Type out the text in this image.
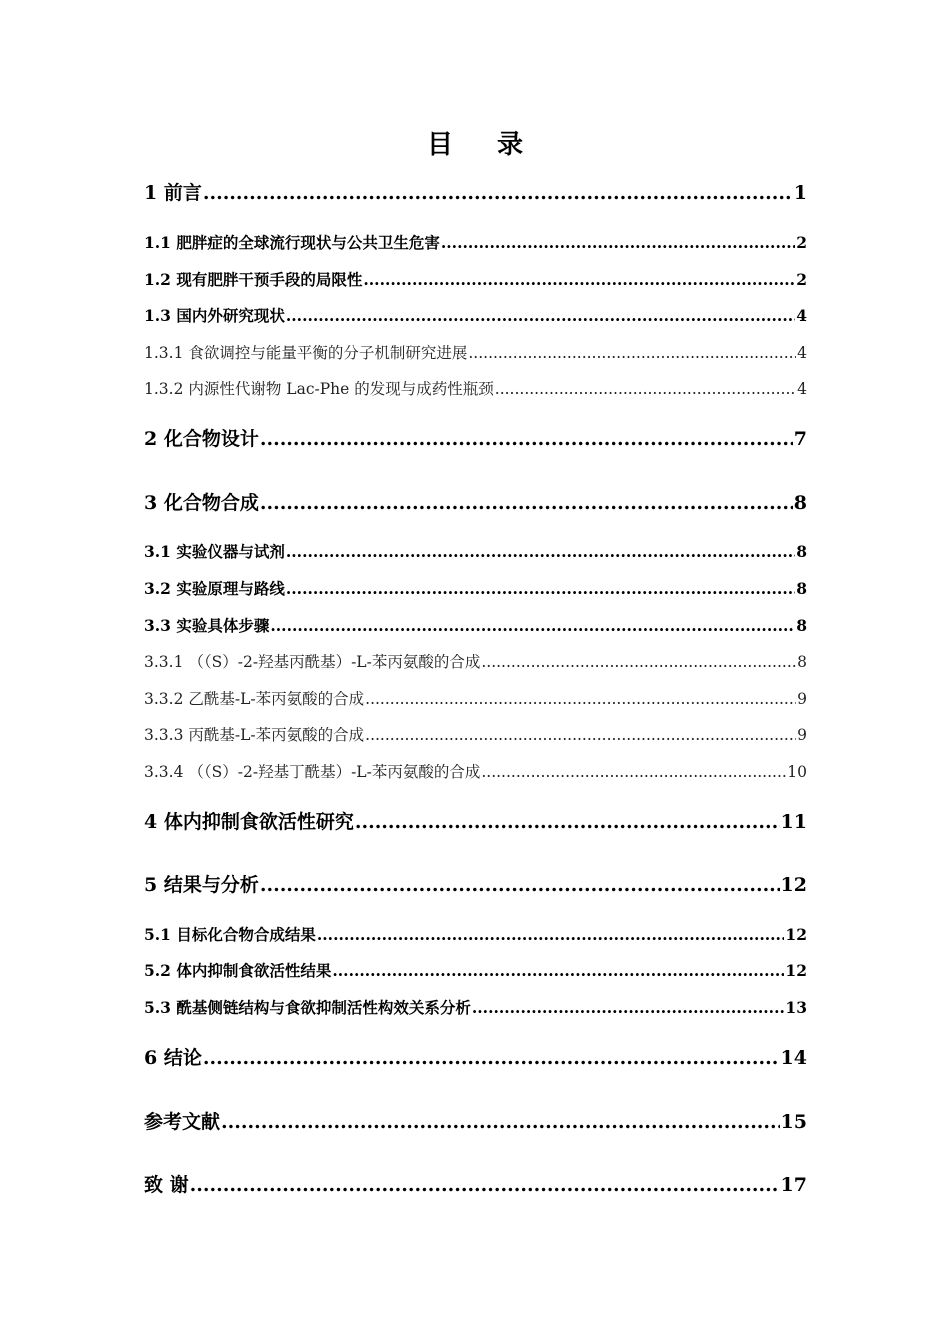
目录
1 前言 .....	1
1.1 肥胖症的全球流行现状与公共卫生危害 .....	2
1.2 现有肥胖干预手段的局限性 .....	2
1.3 国内外研究现状 .....	4
1.3.1 食欲调控与能量平衡的分子机制研究进展 .....	4
1.3.2 内源性代谢物 Lac-Phe 的发现与成药性瓶颈 .....	4
2 化合物设计 .....	7
3 化合物合成 .....	8
3.1 实验仪器与试剂 .....	8
3.2 实验原理与路线 .....	8
3.3 实验具体步骤 .....	8
3.3.1 （（S）-2-羟基丙酰基）-L-苯丙氨酸的合成 .....	8
3.3.2 乙酰基-L-苯丙氨酸的合成 .....	9
3.3.3 丙酰基-L-苯丙氨酸的合成 .....	9
3.3.4 （（S）-2-羟基丁酰基）-L-苯丙氨酸的合成 .....	10
4 体内抑制食欲活性研究 .....	11
5 结果与分析 .....	12
5.1 目标化合物合成结果 .....	12
5.2 体内抑制食欲活性结果 .....	12
5.3 酰基侧链结构与食欲抑制活性构效关系分析 .....	13
6 结论 .....	14
参考文献 .....	15
致 谢 .....	17
